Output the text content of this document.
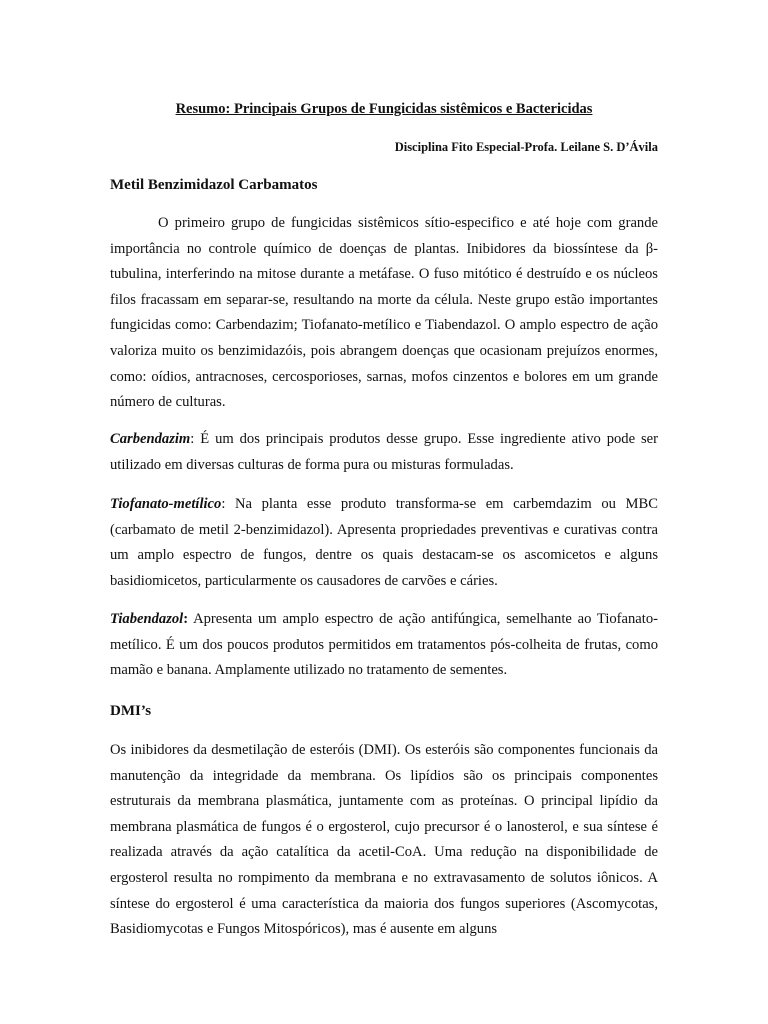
Resumo: Principais Grupos de Fungicidas sistêmicos e Bactericidas

Disciplina Fito Especial-Profa. Leilane S. D’Ávila

Metil Benzimidazol Carbamatos

O primeiro grupo de fungicidas sistêmicos sítio-especifico e até hoje com grande importância no controle químico de doenças de plantas. Inibidores da biossíntese da β-tubulina, interferindo na mitose durante a metáfase. O fuso mitótico é destruído e os núcleos filos fracassam em separar-se, resultando na morte da célula. Neste grupo estão importantes fungicidas como: Carbendazim; Tiofanato-metílico e Tiabendazol. O amplo espectro de ação valoriza muito os benzimidazóis, pois abrangem doenças que ocasionam prejuízos enormes, como: oídios, antracnoses, cercosporioses, sarnas, mofos cinzentos e bolores em um grande número de culturas.

Carbendazim: É um dos principais produtos desse grupo. Esse ingrediente ativo pode ser utilizado em diversas culturas de forma pura ou misturas formuladas.

Tiofanato-metílico: Na planta esse produto transforma-se em carbemdazim ou MBC (carbamato de metil 2-benzimidazol). Apresenta propriedades preventivas e curativas contra um amplo espectro de fungos, dentre os quais destacam-se os ascomicetos e alguns basidiomicetos, particularmente os causadores de carvões e cáries.

Tiabendazol: Apresenta um amplo espectro de ação antifúngica, semelhante ao Tiofanato-metílico. É um dos poucos produtos permitidos em tratamentos pós-colheita de frutas, como mamão e banana. Amplamente utilizado no tratamento de sementes.

DMI’s

Os inibidores da desmetilação de esteróis (DMI). Os esteróis são componentes funcionais da manutenção da integridade da membrana. Os lipídios são os principais componentes estruturais da membrana plasmática, juntamente com as proteínas. O principal lipídio da membrana plasmática de fungos é o ergosterol, cujo precursor é o lanosterol, e sua síntese é realizada através da ação catalítica da acetil-CoA. Uma redução na disponibilidade de ergosterol resulta no rompimento da membrana e no extravasamento de solutos iônicos. A síntese do ergosterol é uma característica da maioria dos fungos superiores (Ascomycotas, Basidiomycotas e Fungos Mitospóricos), mas é ausente em alguns
